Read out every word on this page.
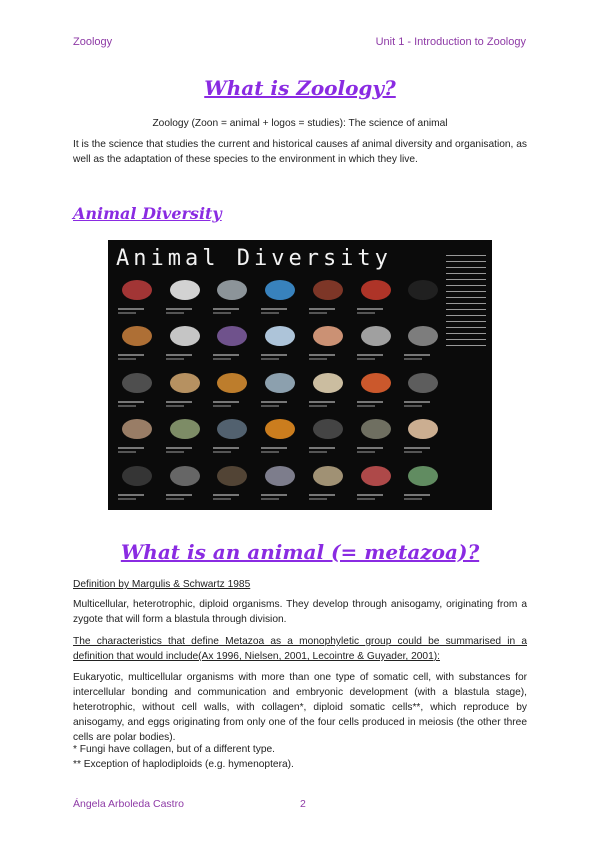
Zoology	Unit 1 - Introduction to Zoology
What is Zoology?
Zoology (Zoon = animal + logos = studies): The science of animal
It is the science that studies the current and historical causes af animal diversity and organisation, as well as the adaptation of these species to the environment in which they live.
Animal Diversity
Animal Diversity
What is an animal (= metazoa)?
Definition by Margulis & Schwartz 1985
Multicellular, heterotrophic, diploid organisms. They develop through anisogamy, originating from a zygote that will form a blastula through division.
The characteristics that define Metazoa as a monophyletic group could be summarised in a definition that would include(Ax 1996, Nielsen, 2001, Lecointre & Guyader, 2001):
Eukaryotic, multicellular organisms with more than one type of somatic cell, with substances for intercellular bonding and communication and embryonic development (with a blastula stage), heterotrophic, without cell walls, with collagen*, diploid somatic cells**, which reproduce by anisogamy, and eggs originating from only one of the four cells produced in meiosis (the other three cells are polar bodies).
* Fungi have collagen, but of a different type.
** Exception of haplodiploids (e.g. hymenoptera).
Ángela Arboleda Castro	2
